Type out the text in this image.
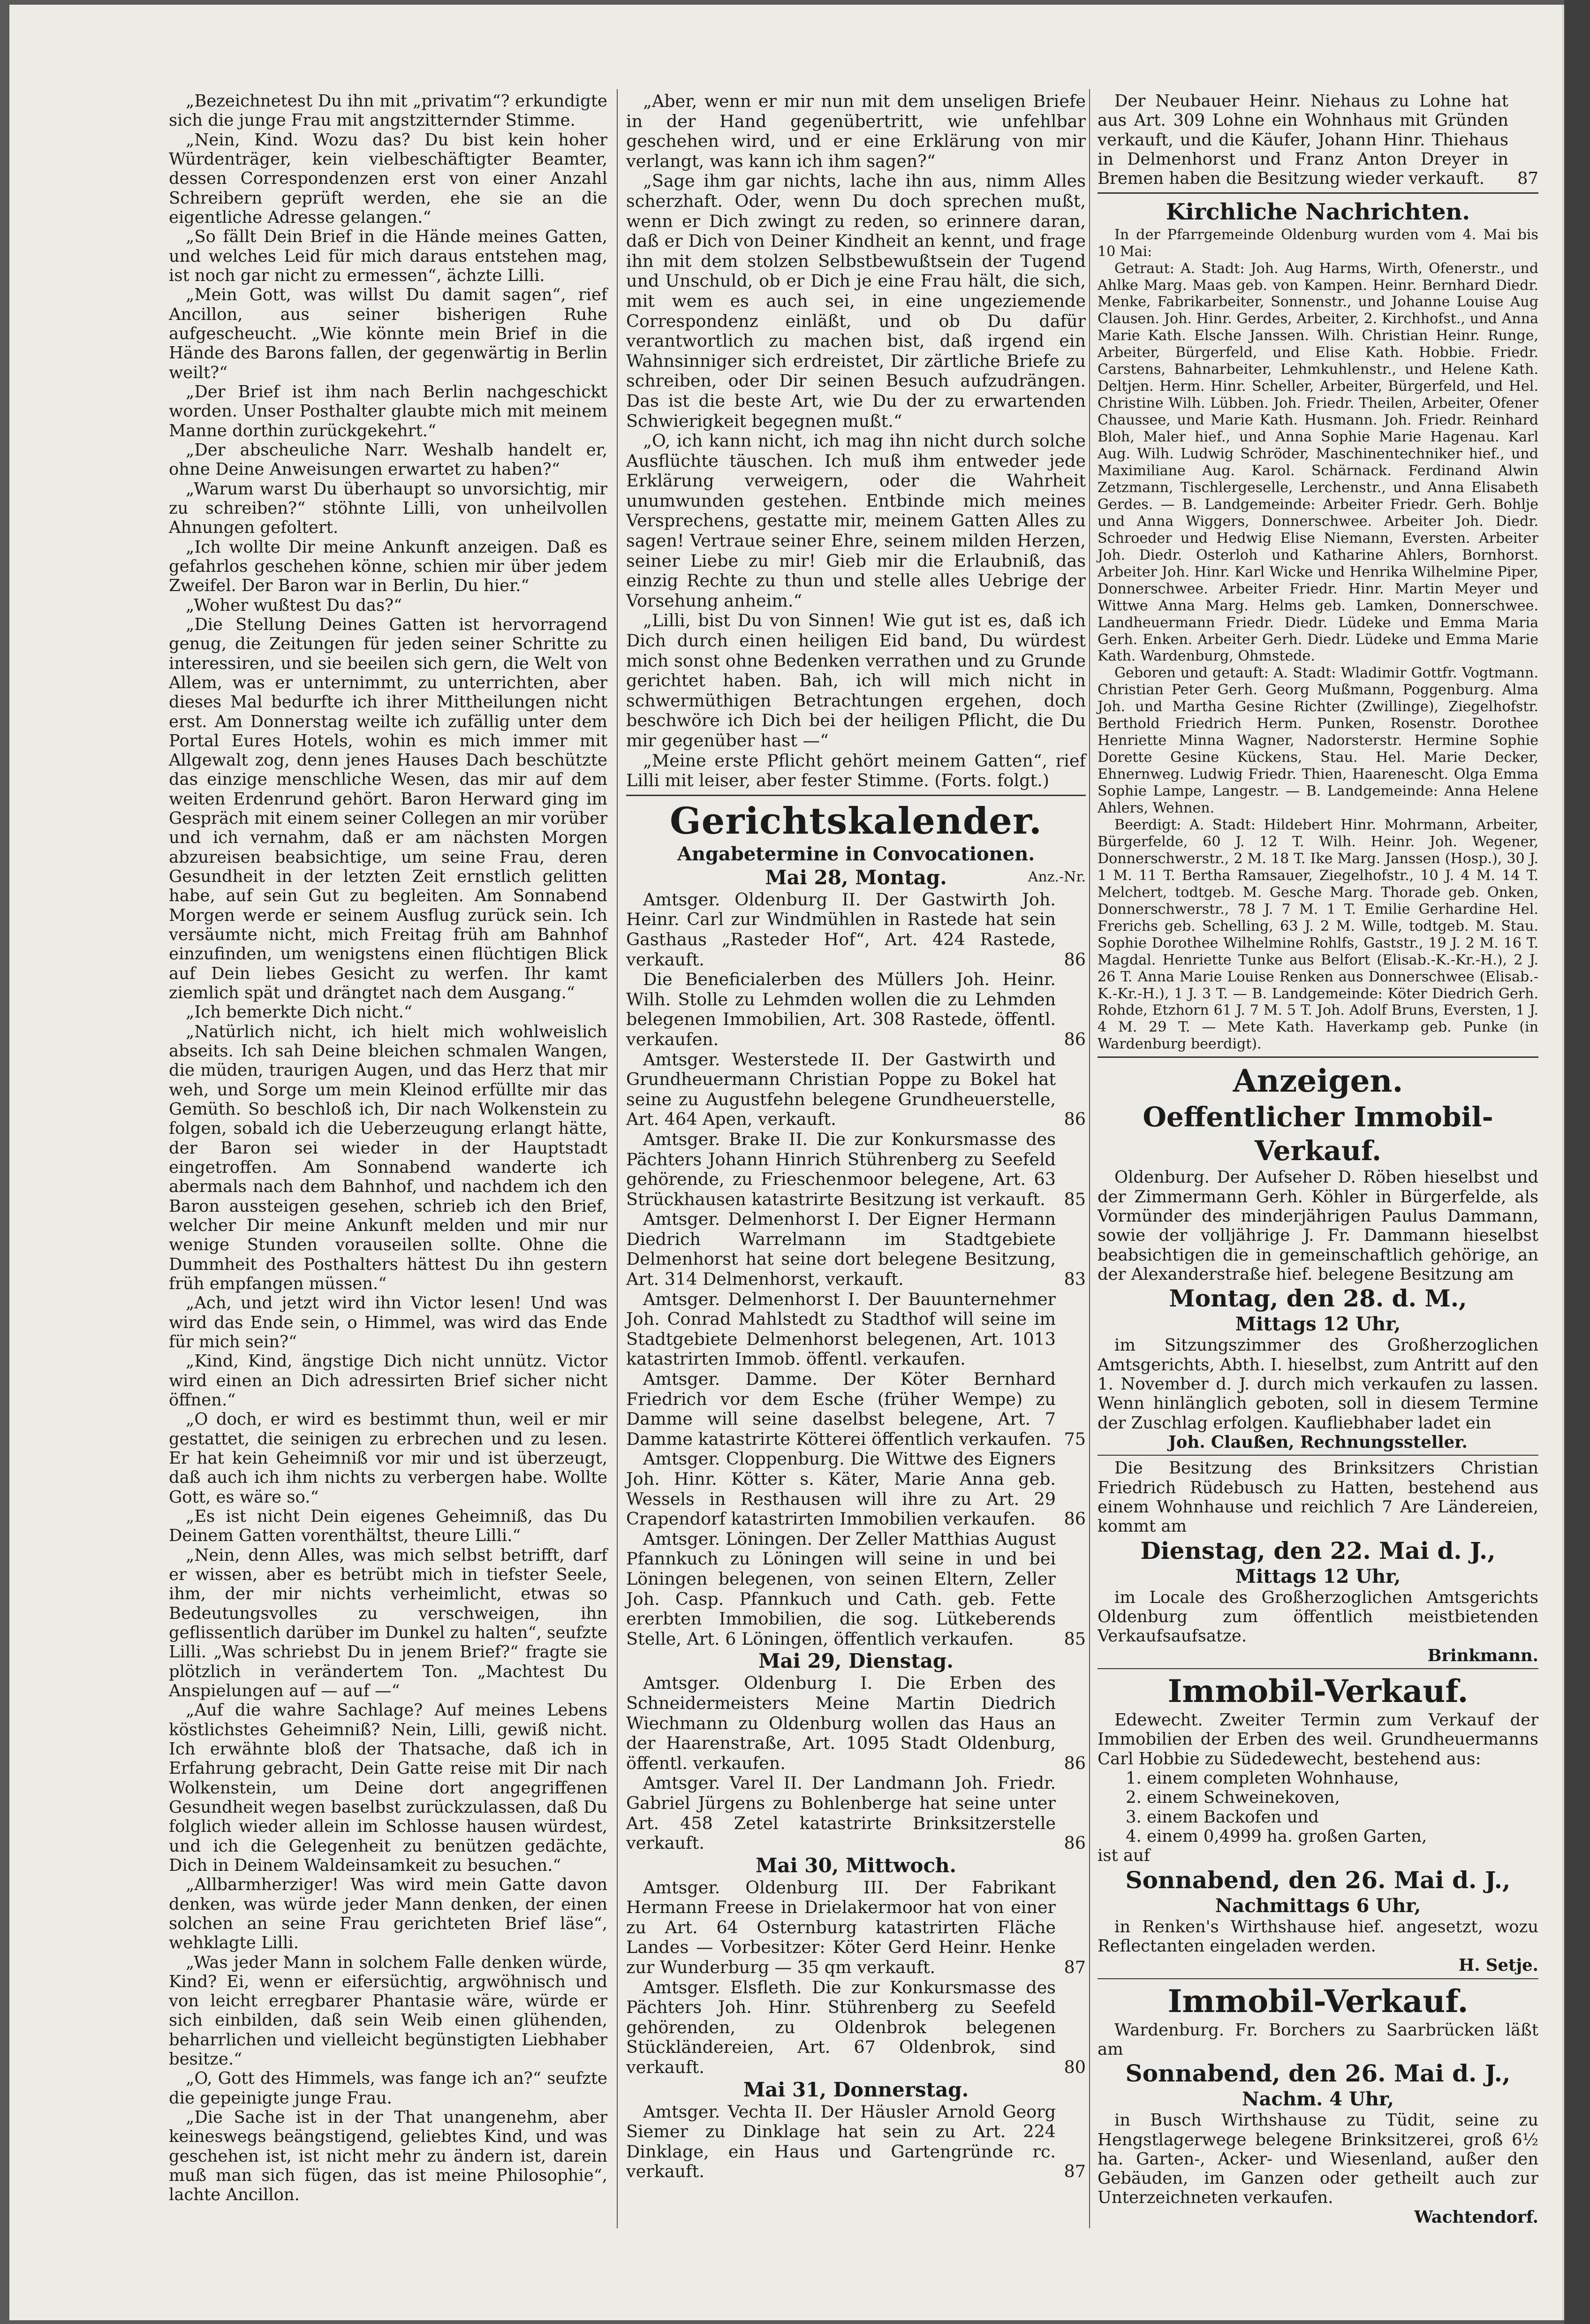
„Bezeichnetest Du ihn mit „privatim“? erkundigte sich die junge Frau mit angstzitternder Stimme.

„Nein, Kind. Wozu das? Du bist kein hoher Würdenträger, kein vielbeschäftigter Beamter, dessen Correspondenzen erst von einer Anzahl Schreibern geprüft werden, ehe sie an die eigentliche Adresse gelangen.“

„So fällt Dein Brief in die Hände meines Gatten, und welches Leid für mich daraus entstehen mag, ist noch gar nicht zu ermessen“, ächzte Lilli.

„Mein Gott, was willst Du damit sagen“, rief Ancillon, aus seiner bisherigen Ruhe aufgescheucht. „Wie könnte mein Brief in die Hände des Barons fallen, der gegenwärtig in Berlin weilt?“

„Der Brief ist ihm nach Berlin nachgeschickt worden. Unser Posthalter glaubte mich mit meinem Manne dorthin zurückgekehrt.“

„Der abscheuliche Narr. Weshalb handelt er, ohne Deine Anweisungen erwartet zu haben?“

„Warum warst Du überhaupt so unvorsichtig, mir zu schreiben?“ stöhnte Lilli, von unheilvollen Ahnungen gefoltert.

„Ich wollte Dir meine Ankunft anzeigen. Daß es gefahrlos geschehen könne, schien mir über jedem Zweifel. Der Baron war in Berlin, Du hier.“

„Woher wußtest Du das?“

„Die Stellung Deines Gatten ist hervorragend genug, die Zeitungen für jeden seiner Schritte zu interessiren, und sie beeilen sich gern, die Welt von Allem, was er unternimmt, zu unterrichten, aber dieses Mal bedurfte ich ihrer Mittheilungen nicht erst. Am Donnerstag weilte ich zufällig unter dem Portal Eures Hotels, wohin es mich immer mit Allgewalt zog, denn jenes Hauses Dach beschützte das einzige menschliche Wesen, das mir auf dem weiten Erdenrund gehört. Baron Herward ging im Gespräch mit einem seiner Collegen an mir vorüber und ich vernahm, daß er am nächsten Morgen abzureisen beabsichtige, um seine Frau, deren Gesundheit in der letzten Zeit ernstlich gelitten habe, auf sein Gut zu begleiten. Am Sonnabend Morgen werde er seinem Ausflug zurück sein. Ich versäumte nicht, mich Freitag früh am Bahnhof einzufinden, um wenigstens einen flüchtigen Blick auf Dein liebes Gesicht zu werfen. Ihr kamt ziemlich spät und drängtet nach dem Ausgang.“

„Ich bemerkte Dich nicht.“

„Natürlich nicht, ich hielt mich wohlweislich abseits. Ich sah Deine bleichen schmalen Wangen, die müden, traurigen Augen, und das Herz that mir weh, und Sorge um mein Kleinod erfüllte mir das Gemüth. So beschloß ich, Dir nach Wolkenstein zu folgen, sobald ich die Ueberzeugung erlangt hätte, der Baron sei wieder in der Hauptstadt eingetroffen. Am Sonnabend wanderte ich abermals nach dem Bahnhof, und nachdem ich den Baron aussteigen gesehen, schrieb ich den Brief, welcher Dir meine Ankunft melden und mir nur wenige Stunden vorauseilen sollte. Ohne die Dummheit des Posthalters hättest Du ihn gestern früh empfangen müssen.“

„Ach, und jetzt wird ihn Victor lesen! Und was wird das Ende sein, o Himmel, was wird das Ende für mich sein?“

„Kind, Kind, ängstige Dich nicht unnütz. Victor wird einen an Dich adressirten Brief sicher nicht öffnen.“

„O doch, er wird es bestimmt thun, weil er mir gestattet, die seinigen zu erbrechen und zu lesen. Er hat kein Geheimniß vor mir und ist überzeugt, daß auch ich ihm nichts zu verbergen habe. Wollte Gott, es wäre so.“

„Es ist nicht Dein eigenes Geheimniß, das Du Deinem Gatten vorenthältst, theure Lilli.“

„Nein, denn Alles, was mich selbst betrifft, darf er wissen, aber es betrübt mich in tiefster Seele, ihm, der mir nichts verheimlicht, etwas so Bedeutungsvolles zu verschweigen, ihn geflissentlich darüber im Dunkel zu halten“, seufzte Lilli. „Was schriebst Du in jenem Brief?“ fragte sie plötzlich in verändertem Ton. „Machtest Du Anspielungen auf — auf —“

„Auf die wahre Sachlage? Auf meines Lebens köstlichstes Geheimniß? Nein, Lilli, gewiß nicht. Ich erwähnte bloß der Thatsache, daß ich in Erfahrung gebracht, Dein Gatte reise mit Dir nach Wolkenstein, um Deine dort angegriffenen Gesundheit wegen baselbst zurückzulassen, daß Du folglich wieder allein im Schlosse hausen würdest, und ich die Gelegenheit zu benützen gedächte, Dich in Deinem Waldeinsamkeit zu besuchen.“

„Allbarmherziger! Was wird mein Gatte davon denken, was würde jeder Mann denken, der einen solchen an seine Frau gerichteten Brief läse“, wehklagte Lilli.

„Was jeder Mann in solchem Falle denken würde, Kind? Ei, wenn er eifersüchtig, argwöhnisch und von leicht erregbarer Phantasie wäre, würde er sich einbilden, daß sein Weib einen glühenden, beharrlichen und vielleicht begünstigten Liebhaber besitze.“

„O, Gott des Himmels, was fange ich an?“ seufzte die gepeinigte junge Frau.

„Die Sache ist in der That unangenehm, aber keineswegs beängstigend, geliebtes Kind, und was geschehen ist, ist nicht mehr zu ändern ist, darein muß man sich fügen, das ist meine Philosophie“, lachte Ancillon.

„Aber, wenn er mir nun mit dem unseligen Briefe in der Hand gegenübertritt, wie unfehlbar geschehen wird, und er eine Erklärung von mir verlangt, was kann ich ihm sagen?“

„Sage ihm gar nichts, lache ihn aus, nimm Alles scherzhaft. Oder, wenn Du doch sprechen mußt, wenn er Dich zwingt zu reden, so erinnere daran, daß er Dich von Deiner Kindheit an kennt, und frage ihn mit dem stolzen Selbstbewußtsein der Tugend und Unschuld, ob er Dich je eine Frau hält, die sich, mit wem es auch sei, in eine ungeziemende Correspondenz einläßt, und ob Du dafür verantwortlich zu machen bist, daß irgend ein Wahnsinniger sich erdreistet, Dir zärtliche Briefe zu schreiben, oder Dir seinen Besuch aufzudrängen. Das ist die beste Art, wie Du der zu erwartenden Schwierigkeit begegnen mußt.“

„O, ich kann nicht, ich mag ihn nicht durch solche Ausflüchte täuschen. Ich muß ihm entweder jede Erklärung verweigern, oder die Wahrheit unumwunden gestehen. Entbinde mich meines Versprechens, gestatte mir, meinem Gatten Alles zu sagen! Vertraue seiner Ehre, seinem milden Herzen, seiner Liebe zu mir! Gieb mir die Erlaubniß, das einzig Rechte zu thun und stelle alles Uebrige der Vorsehung anheim.“

„Lilli, bist Du von Sinnen! Wie gut ist es, daß ich Dich durch einen heiligen Eid band, Du würdest mich sonst ohne Bedenken verrathen und zu Grunde gerichtet haben. Bah, ich will mich nicht in schwermüthigen Betrachtungen ergehen, doch beschwöre ich Dich bei der heiligen Pflicht, die Du mir gegenüber hast —“

„Meine erste Pflicht gehört meinem Gatten“, rief Lilli mit leiser, aber fester Stimme. (Forts. folgt.)

Gerichtskalender.
Angabetermine in Convocationen.
Anz.-Nr.
Mai 28, Montag.

Amtsger. Oldenburg II. Der Gastwirth Joh. Heinr. Carl zur Windmühlen in Rastede hat sein Gasthaus „Rasteder Hof“, Art. 424 Rastede, verkauft.	86

Die Beneficialerben des Müllers Joh. Heinr. Wilh. Stolle zu Lehmden wollen die zu Lehmden belegenen Immobilien, Art. 308 Rastede, öffentl. verkaufen.	86

Amtsger. Westerstede II. Der Gastwirth und Grundheuermann Christian Poppe zu Bokel hat seine zu Augustfehn belegene Grundheuerstelle, Art. 464 Apen, verkauft.	86

Amtsger. Brake II. Die zur Konkursmasse des Pächters Johann Hinrich Stührenberg zu Seefeld gehörende, zu Frieschenmoor belegene, Art. 63 Strückhausen katastrirte Besitzung ist verkauft.	85

Amtsger. Delmenhorst I. Der Eigner Hermann Diedrich Warrelmann im Stadtgebiete Delmenhorst hat seine dort belegene Besitzung, Art. 314 Delmenhorst, verkauft.	83

Amtsger. Delmenhorst I. Der Bauunternehmer Joh. Conrad Mahlstedt zu Stadthof will seine im Stadtgebiete Delmenhorst belegenen, Art. 1013 katastrirten Immob. öffentl. verkaufen.

Amtsger. Damme. Der Köter Bernhard Friedrich vor dem Esche (früher Wempe) zu Damme will seine daselbst belegene, Art. 7 Damme katastrirte Kötterei öffentlich verkaufen. 75

Amtsger. Cloppenburg. Die Wittwe des Eigners Joh. Hinr. Kötter s. Käter, Marie Anna geb. Wessels in Resthausen will ihre zu Art. 29 Crapendorf katastrirten Immobilien verkaufen.	86

Amtsger. Löningen. Der Zeller Matthias August Pfannkuch zu Löningen will seine in und bei Löningen belegenen, von seinen Eltern, Zeller Joh. Casp. Pfannkuch und Cath. geb. Fette ererbten Immobilien, die sog. Lütkeberends Stelle, Art. 6 Löningen, öffentlich verkaufen.	85
Mai 29, Dienstag.

Amtsger. Oldenburg I. Die Erben des Schneidermeisters Meine Martin Diedrich Wiechmann zu Oldenburg wollen das Haus an der Haarenstraße, Art. 1095 Stadt Oldenburg, öffentl. verkaufen.	86

Amtsger. Varel II. Der Landmann Joh. Friedr. Gabriel Jürgens zu Bohlenberge hat seine unter Art. 458 Zetel katastrirte Brinksitzerstelle verkauft.	86
Mai 30, Mittwoch.

Amtsger. Oldenburg III. Der Fabrikant Hermann Freese in Drielakermoor hat von einer zu Art. 64 Osternburg katastrirten Fläche Landes — Vorbesitzer: Köter Gerd Heinr. Henke zur Wunderburg — 35 qm verkauft.	87

Amtsger. Elsfleth. Die zur Konkursmasse des Pächters Joh. Hinr. Stührenberg zu Seefeld gehörenden, zu Oldenbrok belegenen Stückländereien, Art. 67 Oldenbrok, sind verkauft.	80
Mai 31, Donnerstag.

Amtsger. Vechta II. Der Häusler Arnold Georg Siemer zu Dinklage hat sein zu Art. 224 Dinklage, ein Haus und Gartengründe rc. verkauft.	87

Der Neubauer Heinr. Niehaus zu Lohne hat aus Art. 309 Lohne ein Wohnhaus mit Gründen verkauft, und die Käufer, Johann Hinr. Thiehaus in Delmenhorst und Franz Anton Dreyer in Bremen haben die Besitzung wieder verkauft.	87
Kirchliche Nachrichten.

In der Pfarrgemeinde Oldenburg wurden vom 4. Mai bis 10 Mai:

Getraut: A. Stadt: Joh. Aug Harms, Wirth, Ofenerstr., und Ahlke Marg. Maas geb. von Kampen. Heinr. Bernhard Diedr. Menke, Fabrikarbeiter, Sonnenstr., und Johanne Louise Aug Clausen. Joh. Hinr. Gerdes, Arbeiter, 2. Kirchhofst., und Anna Marie Kath. Elsche Janssen. Wilh. Christian Heinr. Runge, Arbeiter, Bürgerfeld, und Elise Kath. Hobbie. Friedr. Carstens, Bahnarbeiter, Lehmkuhlenstr., und Helene Kath. Deltjen. Herm. Hinr. Scheller, Arbeiter, Bürgerfeld, und Hel. Christine Wilh. Lübben. Joh. Friedr. Theilen, Arbeiter, Ofener Chaussee, und Marie Kath. Husmann. Joh. Friedr. Reinhard Bloh, Maler hief., und Anna Sophie Marie Hagenau. Karl Aug. Wilh. Ludwig Schröder, Maschinentechniker hief., und Maximiliane Aug. Karol. Schärnack. Ferdinand Alwin Zetzmann, Tischlergeselle, Lerchenstr., und Anna Elisabeth Gerdes. — B. Landgemeinde: Arbeiter Friedr. Gerh. Bohlje und Anna Wiggers, Donnerschwee. Arbeiter Joh. Diedr. Schroeder und Hedwig Elise Niemann, Eversten. Arbeiter Joh. Diedr. Osterloh und Katharine Ahlers, Bornhorst. Arbeiter Joh. Hinr. Karl Wicke und Henrika Wilhelmine Piper, Donnerschwee. Arbeiter Friedr. Hinr. Martin Meyer und Wittwe Anna Marg. Helms geb. Lamken, Donnerschwee. Landheuermann Friedr. Diedr. Lüdeke und Emma Maria Gerh. Enken. Arbeiter Gerh. Diedr. Lüdeke und Emma Marie Kath. Wardenburg, Ohmstede.

Geboren und getauft: A. Stadt: Wladimir Gottfr. Vogtmann. Christian Peter Gerh. Georg Mußmann, Poggenburg. Alma Joh. und Martha Gesine Richter (Zwillinge), Ziegelhofstr. Berthold Friedrich Herm. Punken, Rosenstr. Dorothee Henriette Minna Wagner, Nadorsterstr. Hermine Sophie Dorette Gesine Kückens, Stau. Hel. Marie Decker, Ehnernweg. Ludwig Friedr. Thien, Haarenescht. Olga Emma Sophie Lampe, Langestr. — B. Landgemeinde: Anna Helene Ahlers, Wehnen.

Beerdigt: A. Stadt: Hildebert Hinr. Mohrmann, Arbeiter, Bürgerfelde, 60 J. 12 T. Wilh. Heinr. Joh. Wegener, Donnerschwerstr., 2 M. 18 T. Ike Marg. Janssen (Hosp.), 30 J. 1 M. 11 T. Bertha Ramsauer, Ziegelhofstr., 10 J. 4 M. 14 T. Melchert, todtgeb. M. Gesche Marg. Thorade geb. Onken, Donnerschwerstr., 78 J. 7 M. 1 T. Emilie Gerhardine Hel. Frerichs geb. Schelling, 63 J. 2 M. Wille, todtgeb. M. Stau. Sophie Dorothee Wilhelmine Rohlfs, Gaststr., 19 J. 2 M. 16 T. Magdal. Henriette Tunke aus Belfort (Elisab.-K.-Kr.-H.), 2 J. 26 T. Anna Marie Louise Renken aus Donnerschwee (Elisab.-K.-Kr.-H.), 1 J. 3 T. — B. Landgemeinde: Köter Diedrich Gerh. Rohde, Etzhorn 61 J. 7 M. 5 T. Joh. Adolf Bruns, Eversten, 1 J. 4 M. 29 T. — Mete Kath. Haverkamp geb. Punke (in Wardenburg beerdigt).

Anzeigen.
Oeffentlicher Immobil-Verkauf.

Oldenburg. Der Aufseher D. Röben hieselbst und der Zimmermann Gerh. Köhler in Bürgerfelde, als Vormünder des minderjährigen Paulus Dammann, sowie der volljährige J. Fr. Dammann hieselbst beabsichtigen die in gemeinschaftlich gehörige, an der Alexanderstraße hief. belegene Besitzung am

Montag, den 28. d. M.,
Mittags 12 Uhr,

im Sitzungszimmer des Großherzoglichen Amtsgerichts, Abth. I. hieselbst, zum Antritt auf den 1. November d. J. durch mich verkaufen zu lassen. Wenn hinlänglich geboten, soll in diesem Termine der Zuschlag erfolgen. Kaufliebhaber ladet ein

Joh. Claußen, Rechnungssteller.

Die Besitzung des Brinksitzers Christian Friedrich Rüdebusch zu Hatten, bestehend aus einem Wohnhause und reichlich 7 Are Ländereien, kommt am

Dienstag, den 22. Mai d. J.,
Mittags 12 Uhr,

im Locale des Großherzoglichen Amtsgerichts Oldenburg zum öffentlich meistbietenden Verkaufsaufsatze.

Brinkmann.
Immobil-Verkauf.

Edewecht. Zweiter Termin zum Verkauf der Immobilien der Erben des weil. Grundheuermanns Carl Hobbie zu Südedewecht, bestehend aus:

1. einem completen Wohnhause,
2. einem Schweinekoven,
3. einem Backofen und
4. einem 0,4999 ha. großen Garten,
ist auf
Sonnabend, den 26. Mai d. J.,
Nachmittags 6 Uhr,

in Renken's Wirthshause hief. angesetzt, wozu Reflectanten eingeladen werden.

H. Setje.
Immobil-Verkauf.

Wardenburg. Fr. Borchers zu Saarbrücken läßt am

Sonnabend, den 26. Mai d. J.,
Nachm. 4 Uhr,

in Busch Wirthshause zu Tüdit, seine zu Hengstlagerwege belegene Brinksitzerei, groß 6½ ha. Garten-, Acker- und Wiesenland, außer den Gebäuden, im Ganzen oder getheilt auch zur Unterzeichneten verkaufen.

Wachtendorf.
